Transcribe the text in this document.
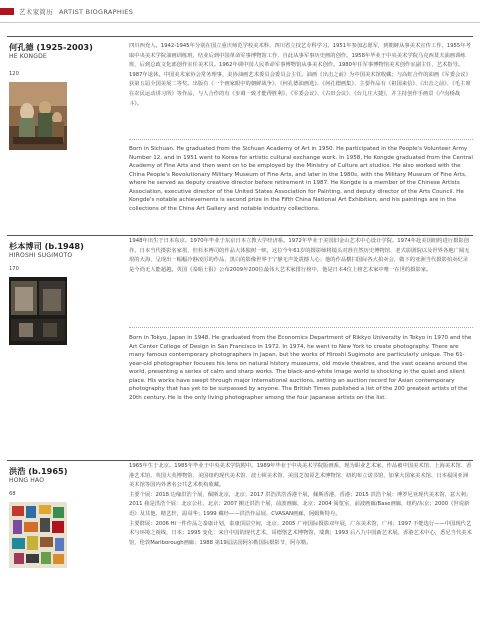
艺术家简历 ARTIST BIOGRAPHIES
何孔德 (1925-2003)
HE KONGDE
120

四川西充人。1942-1945年分别在国立重庆师范学校美术科、四川省立技艺专科学习。1951年参加志愿军，到朝鲜从事美术宣传工作。1955年考取中央美术学院油画训练班，结业后到中国革命军事博物馆工作，自此从事军事历史画的创作。1958年毕业于中央美术学院马克西莫夫油画训练班，后到总政文化部创作室任美术员。1962年调中国人民革命军事博物馆从事美术创作。1980年任军事博物馆美术创作室副主任，艺术指导。1987年退休。中国美术家协会常务理事、美协油画艺术委员会委员会主任。油画《出击之前》为中国美术馆收藏；与高虹合作的油画《军委会议》获第五届全国美展二等奖。出版有《一个画家眼中的朝鲜战争》、《何孔德油画选》、《何孔德画集》、主要作品有《祖国来信》、《出击之前》、《毛主席在农民运动讲习所》等作品，与人合作的有《步调一致才能得胜利》、《军委会议》、《古田会议》、《台儿庄大捷》，并主持创作手画景《卢沟桥战斗》。

Born in Sichuan. He graduated from the Sichuan Academy of Art in 1950. He participated in the People's Volunteer Army Number 12, and in 1951 went to Korea for artistic cultural exchange work. In 1958, He Kongde graduated from the Central Academy of Fine Arts and then went on to be employed by the Ministry of Culture art studios. He also worked with the China People's Revolutionary Military Museum of Fine Arts, and later in the 1980s, with the Military Museum of Fine Arts, where he served as deputy creative director before retirement in 1987. He Kongde is a member of the Chinese Artists Association, executive director of the United States Association for Painting, and deputy director of the Arts Council. He Kongde's notable achievements is second prize in the Fifth China National Art Exhibition, and his paintings are in the collections of the China Art Gallery and notable industry collections.

杉本博司 (b.1948)
HIROSHI SUGIMOTO
170

1948年出生于日本东京。1970年毕业于东京日本立教大学经济系。1972年毕业于美国旧金山艺术中心设计学院。1974年赴美国纽约进行摄影创作。日本当代摄影名家墨，但杉本博司的作品大体独树一帜，这位今年61岁的摄影师将镜头对准自然历史博物馆、老式影剧院以及世界各地广阔无垠的大海，呈现出一幅幅冷静凌厉的作品，黑白的影像世界于宁静无声处震撼人心；他的作品横扫国际各大拍卖会，做下的亚洲当代摄影拍卖纪录是今尚无人能超越。英国《泰晤士报》公布2009年200位最伟大艺术家排行榜中，他是日本4位上榜艺术家中唯一在世的摄影家。

Born in Tokyo, Japan in 1948. He graduated from the Economics Department of Rikkyo University in Tokyo in 1970 and the Art Center College of Design in San Francisco in 1972. In 1974, he went to New York to create photography. There are many famous contemporary photographers in Japan, but the works of Hiroshi Sugimoto are particularly unique. The 61-year-old photographer focuses his lens on natural history museums, old movie theatres, and the vast oceans around the world, presenting a series of calm and sharp works. The black-and-white image world is shocking in the quiet and silent place. His works have swept through major international auctions, setting an auction record for Asian contemporary photography that has yet to be surpassed by anyone. The British Times published a list of the 200 greatest artists of the 20th century. He is the only living photographer among the four Japanese artists on the list.

洪浩 (b.1965)
HONG HAO
68

1965年生于北京。1985年毕业于中央美术学院附中。1989年毕业于中央美术学院版画系，现为职业艺术家，作品被中国美术馆、上海美术馆、香港艺术馆、英国大英博物馆、美国纽约现代美术馆、波士顿美术馆、美国芝加哥艺术博物馆、纽约布立诺书馆、加拿大国家美术馆、日本福冈亚洲美术馆等国内外著名公共艺术机构收藏。

主要个展：2018 边缘洪浩个展，佩斯北京，北京；2017 洪浩洪浩香港个展，佩斯香港，香港；2015 洪浩个展：博罗尼亚现代美术馆，意大利；2011 我是洪浩个展：北京公社，北京；2007 搬迁洪浩个展，前波画廊，北京；2004 阅览室，前波画廊/Base画廊，纽约/东京；2000《世说新语》及其他，精艺轩，温哥华；1999 藏经——洪浩作品展，CVASAN画廊，阿姆斯特丹。

主要群展：2006 Hi一件作品之泰康计划，泰康顶层空间，北京；2005 广州国际摄影双年展，广东美术馆，广州；1997 不能选行——中国现代艺术与环境之视线，日本；1995 变化：来自中国的现代艺术，哥德堡艺术博物馆，瑞典；1993 后八九中国新艺术展，香港艺术中心，悉尼当代美术馆，伦敦Marlborough画廊；1988 第19届法国阿尔勒国际摄影节，阿尔勒。
